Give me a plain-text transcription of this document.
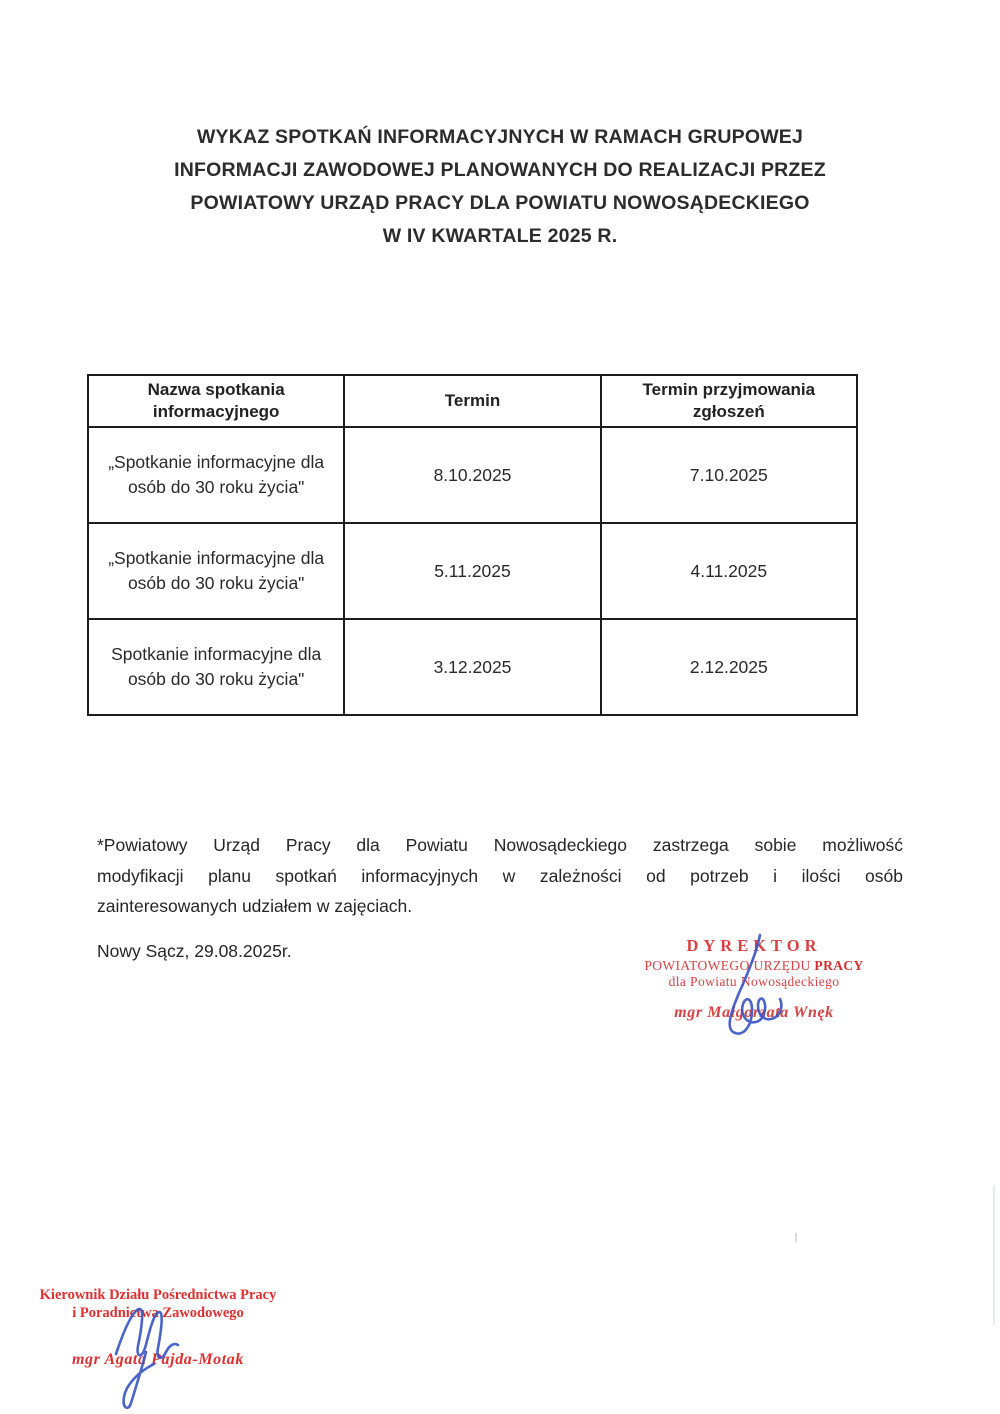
WYKAZ SPOTKAŃ INFORMACYJNYCH W RAMACH GRUPOWEJ
INFORMACJI ZAWODOWEJ PLANOWANYCH DO REALIZACJI PRZEZ
POWIATOWY URZĄD PRACY DLA POWIATU NOWOSĄDECKIEGO
W IV KWARTALE 2025 R.
Nazwa spotkania informacyjnego	Termin	Termin przyjmowania zgłoszeń
„Spotkanie informacyjne dla osób do 30 roku życia"	8.10.2025	7.10.2025
„Spotkanie informacyjne dla osób do 30 roku życia"	5.11.2025	4.11.2025
Spotkanie informacyjne dla osób do 30 roku życia"	3.12.2025	2.12.2025
*Powiatowy Urząd Pracy dla Powiatu Nowosądeckiego zastrzega sobie możliwość
modyfikacji planu spotkań informacyjnych w zależności od potrzeb i ilości osób
zainteresowanych udziałem w zajęciach.
Nowy Sącz, 29.08.2025r.	DYREKTOR
POWIATOWEGO URZĘDU PRACY
dla Powiatu Nowosądeckiego
mgr Małgorzata Wnęk
Kierownik Działu Pośrednictwa Pracy
i Poradnictwa Zawodowego
mgr Agata Pajda-Motak
